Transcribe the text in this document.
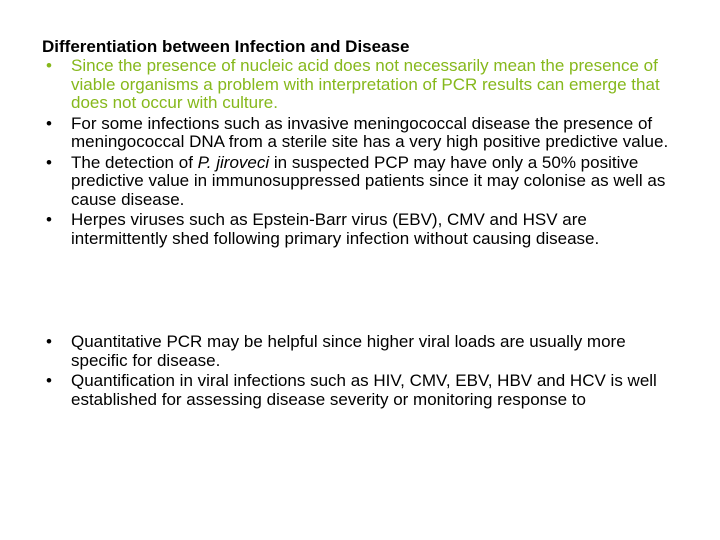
Differentiation between Infection and Disease
• Since the presence of nucleic acid does not necessarily mean the presence of viable organisms a problem with interpretation of PCR results can emerge that does not occur with culture.
• For some infections such as invasive meningococcal disease the presence of meningococcal DNA from a sterile site has a very high positive predictive value.
• The detection of P. jiroveci in suspected PCP may have only a 50% positive predictive value in immunosuppressed patients since it may colonise as well as cause disease.
• Herpes viruses such as Epstein-Barr virus (EBV), CMV and HSV are intermittently shed following primary infection without causing disease.
• Quantitative PCR may be helpful since higher viral loads are usually more specific for disease.
• Quantification in viral infections such as HIV, CMV, EBV, HBV and HCV is well established for assessing disease severity or monitoring response to
